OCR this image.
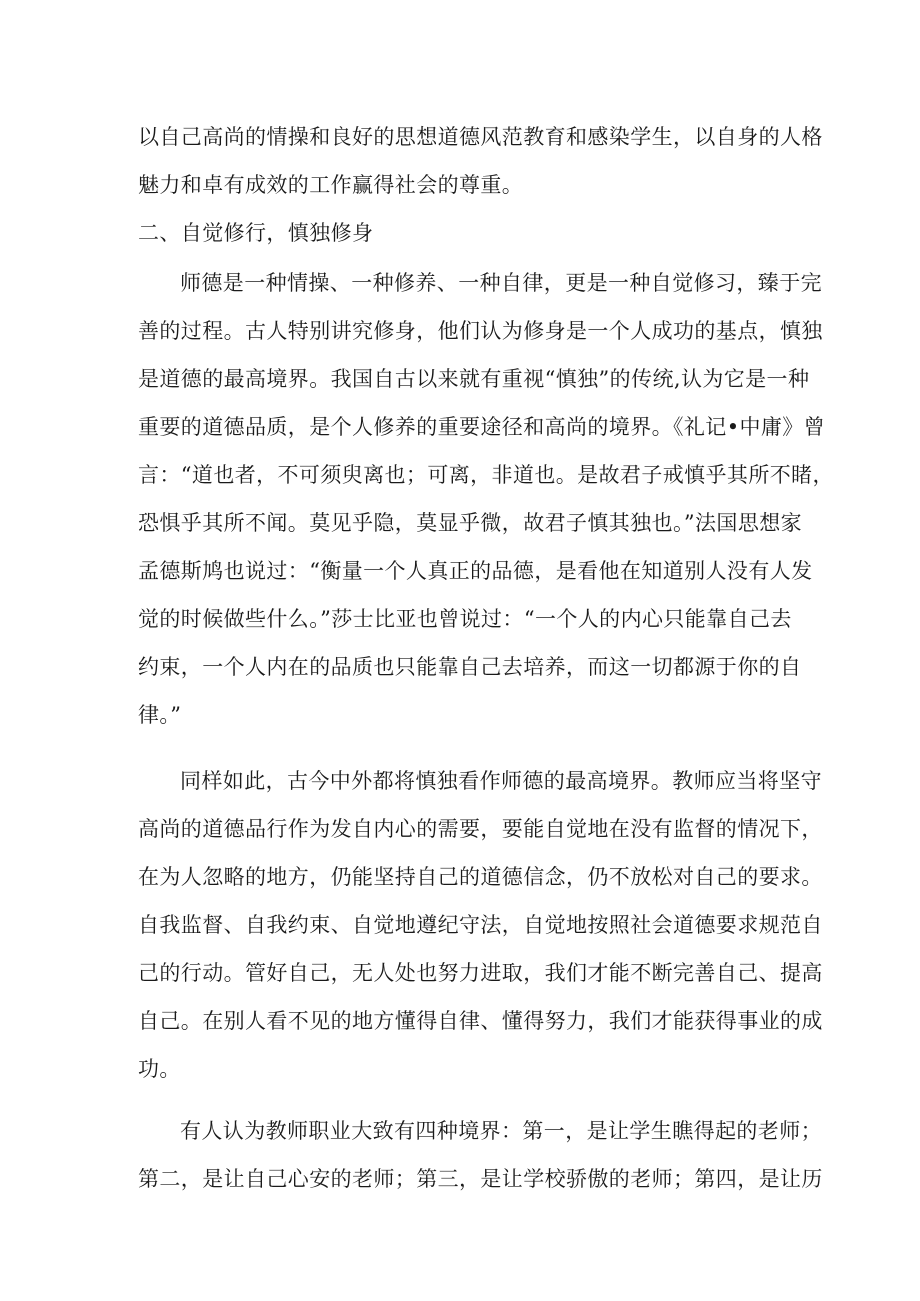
以自己高尚的情操和良好的思想道德风范教育和感染学生，以自身的人格
魅力和卓有成效的工作赢得社会的尊重。
二、自觉修行，慎独修身
师德是一种情操、一种修养、一种自律，更是一种自觉修习，臻于完
善的过程。古人特别讲究修身，他们认为修身是一个人成功的基点，慎独
是道德的最高境界。我国自古以来就有重视“慎独”的传统,认为它是一种
重要的道德品质，是个人修养的重要途径和高尚的境界。《礼记•中庸》曾
言：“道也者，不可须臾离也；可离，非道也。是故君子戒慎乎其所不睹，
恐惧乎其所不闻。莫见乎隐，莫显乎微，故君子慎其独也。”法国思想家
孟德斯鸠也说过：“衡量一个人真正的品德，是看他在知道别人没有人发
觉的时候做些什么。”莎士比亚也曾说过：“一个人的内心只能靠自己去
约束，一个人内在的品质也只能靠自己去培养，而这一切都源于你的自
律。”
同样如此，古今中外都将慎独看作师德的最高境界。教师应当将坚守
高尚的道德品行作为发自内心的需要，要能自觉地在没有监督的情况下，
在为人忽略的地方，仍能坚持自己的道德信念，仍不放松对自己的要求。
自我监督、自我约束、自觉地遵纪守法，自觉地按照社会道德要求规范自
己的行动。管好自己，无人处也努力进取，我们才能不断完善自己、提高
自己。在别人看不见的地方懂得自律、懂得努力，我们才能获得事业的成
功。
有人认为教师职业大致有四种境界：第一，是让学生瞧得起的老师；
第二，是让自己心安的老师；第三，是让学校骄傲的老师；第四，是让历
